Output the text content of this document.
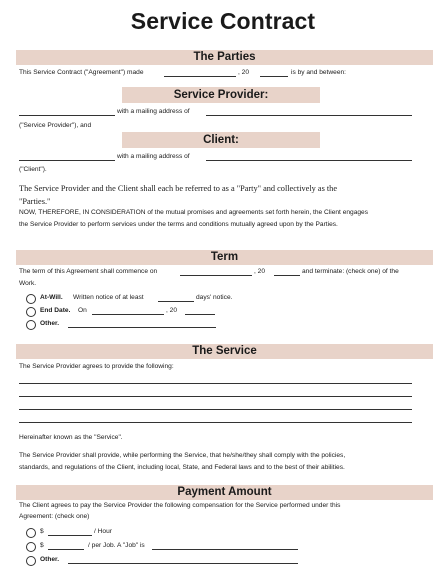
Service Contract
The Parties
This Service Contract ("Agreement") made	, 20	is by and between:
Service Provider:
with a mailing address of
("Service Provider"), and
Client:
with a mailing address of
("Client").
The Service Provider and the Client shall each be referred to as a "Party" and collectively as the
"Parties."
NOW, THEREFORE, IN CONSIDERATION of the mutual promises and agreements set forth herein, the Client engages
the Service Provider to perform services under the terms and conditions mutually agreed upon by the Parties.
Term
The term of this Agreement shall commence on	, 20	and terminate: (check one) of the
Work.
At-Will. Written notice of at least	days' notice.
End Date. On	, 20
Other.
The Service
The Service Provider agrees to provide the following:
Hereinafter known as the "Service".
The Service Provider shall provide, while performing the Service, that he/she/they shall comply with the policies,
standards, and regulations of the Client, including local, State, and Federal laws and to the best of their abilities.
Payment Amount
The Client agrees to pay the Service Provider the following compensation for the Service performed under this
Agreement: (check one)
$	/ Hour
$	/ per Job. A "Job" is
Other.
